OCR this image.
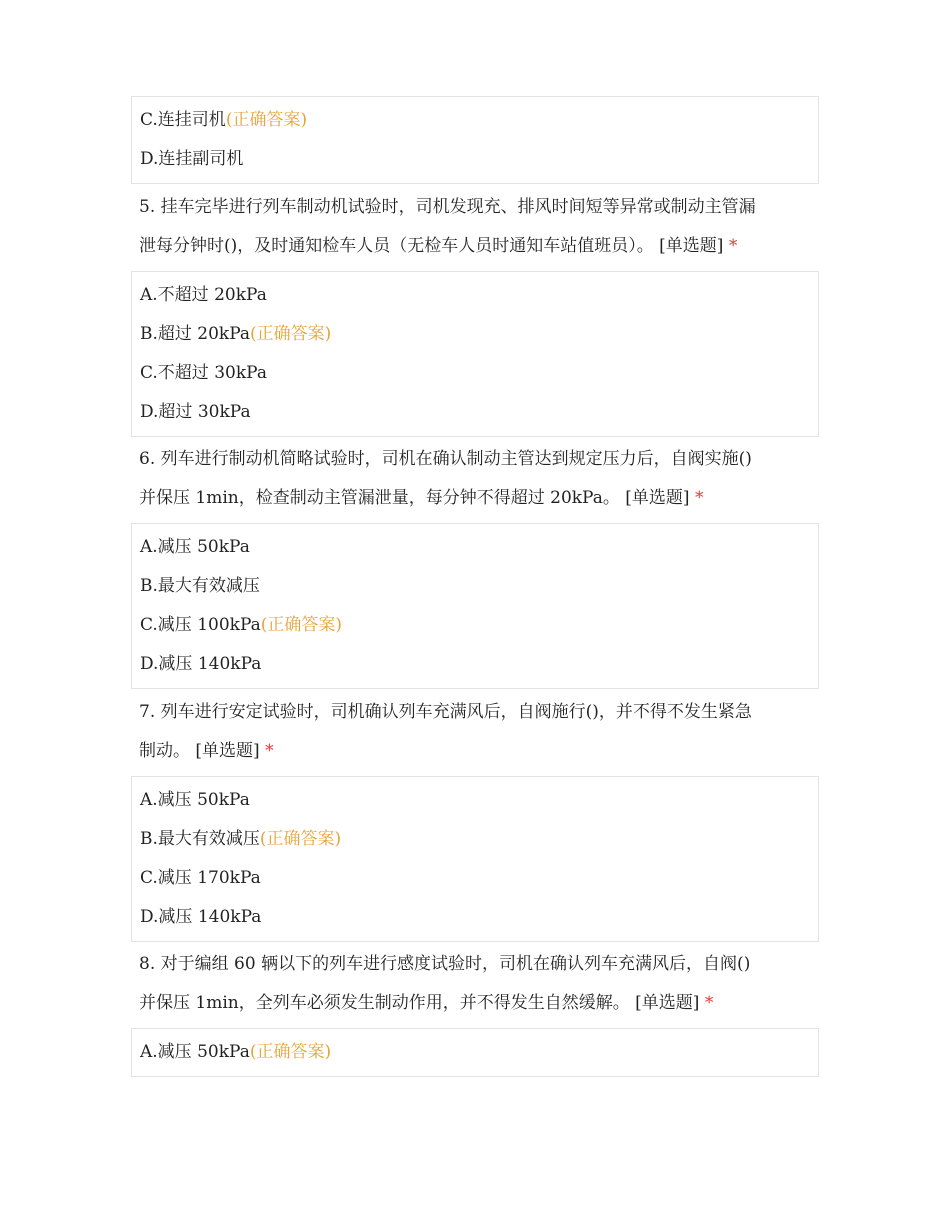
C.连挂司机(正确答案)
D.连挂副司机
5. 挂车完毕进行列车制动机试验时，司机发现充、排风时间短等异常或制动主管漏
泄每分钟时()，及时通知检车人员（无检车人员时通知车站值班员）。 [单选题] *
A.不超过 20kPa
B.超过 20kPa(正确答案)
C.不超过 30kPa
D.超过 30kPa
6. 列车进行制动机简略试验时，司机在确认制动主管达到规定压力后，自阀实施()
并保压 1min，检查制动主管漏泄量，每分钟不得超过 20kPa。 [单选题] *
A.减压 50kPa
B.最大有效减压
C.减压 100kPa(正确答案)
D.减压 140kPa
7. 列车进行安定试验时，司机确认列车充满风后，自阀施行()，并不得不发生紧急
制动。 [单选题] *
A.减压 50kPa
B.最大有效减压(正确答案)
C.减压 170kPa
D.减压 140kPa
8. 对于编组 60 辆以下的列车进行感度试验时，司机在确认列车充满风后，自阀()
并保压 1min，全列车必须发生制动作用，并不得发生自然缓解。 [单选题] *
A.减压 50kPa(正确答案)
